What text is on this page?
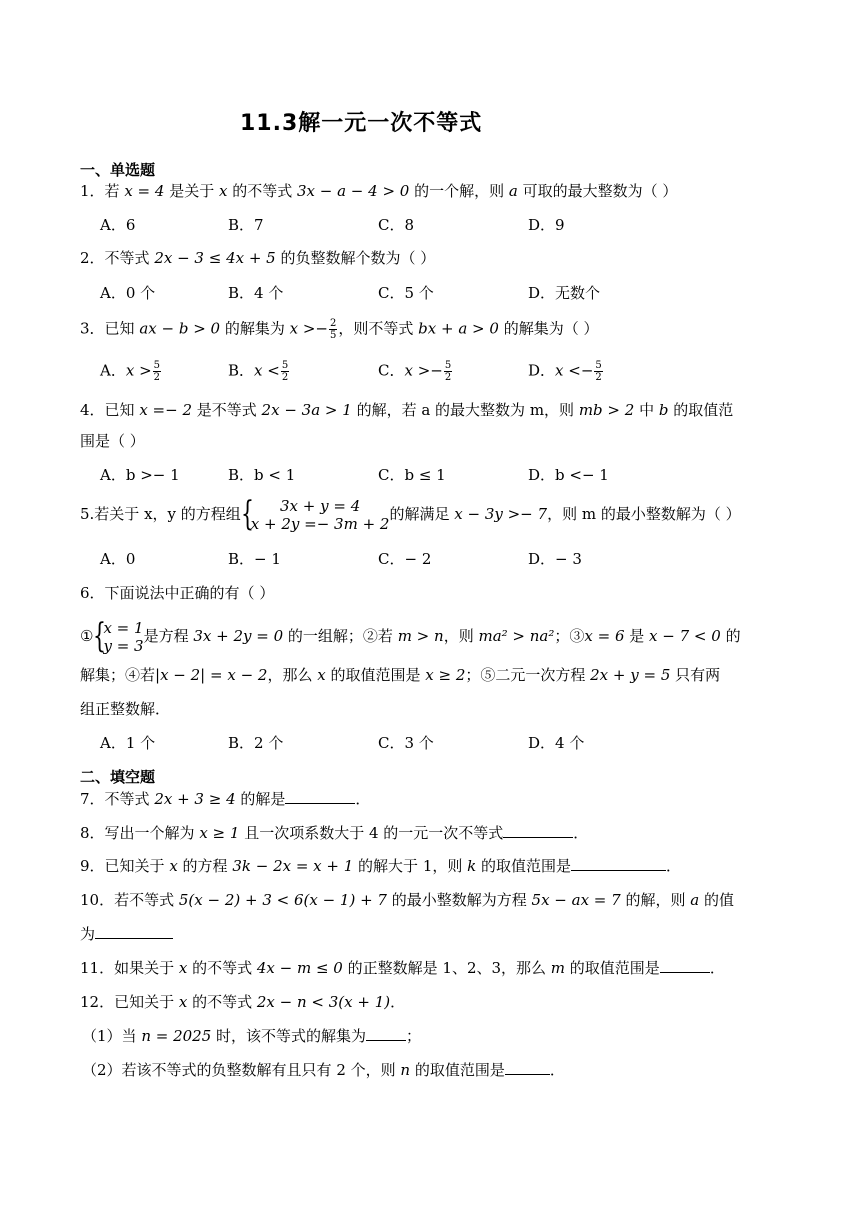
11.3解一元一次不等式
一、单选题
1．若 x = 4 是关于 x 的不等式 3x − a − 4 > 0 的一个解，则 a 可取的最大整数为（ ）
A．6	B．7	C．8	D．9
2．不等式 2x − 3 ≤ 4x + 5 的负整数解个数为（ ）
A．0 个	B．4 个	C．5 个	D．无数个
3．已知 ax − b > 0 的解集为 $x >- \frac{2}{5}$ ，则不等式 bx + a > 0 的解集为（ ）
A．$x > \frac{5}{2}$	B．$x < \frac{5}{2}$	C．$x >- \frac{5}{2}$	D．$x <- \frac{5}{2}$
4．已知 x =− 2 是不等式 2x − 3a > 1 的解，若 a 的最大整数为 m，则 mb > 2 中 b 的取值范
围是（ ）
A．b >− 1	B．b < 1	C．b ≤ 1	D．b <− 1
5.若关于 x，y 的方程组 {	3x + y = 4
x + 2y =− 3m + 2
的解满足 x − 3y >− 7，则 m 的最小整数解为（ ）
A．0	B．− 1	C．− 2	D．− 3
6．下面说法中正确的有（ ）
① {
x = 1
y = 3
是方程 3x + 2y = 0 的一组解；②若 m > n，则 ma² > na²；③x = 6 是 x − 7 < 0 的
解集；④若|x − 2| = x − 2，那么 x 的取值范围是 x ≥ 2；⑤二元一次方程 2x + y = 5 只有两
组正整数解．
A．1 个	B．2 个	C．3 个	D．4 个
二、填空题
7．不等式 2x + 3 ≥ 4 的解是	．
8．写出一个解为 x ≥ 1 且一次项系数大于 4 的一元一次不等式	．
9．已知关于 x 的方程 3k − 2x = x + 1 的解大于 1，则 k 的取值范围是	．
10．若不等式 5(x − 2) + 3 < 6(x − 1) + 7 的最小整数解为方程 5x − ax = 7 的解，则 a 的值
为
11．如果关于 x 的不等式 4x − m ≤ 0 的正整数解是 1、2、3，那么 m 的取值范围是	．
12．已知关于 x 的不等式 2x − n < 3(x + 1)．
（1）当 n = 2025 时，该不等式的解集为	；
（2）若该不等式的负整数解有且只有 2 个，则 n 的取值范围是	．
